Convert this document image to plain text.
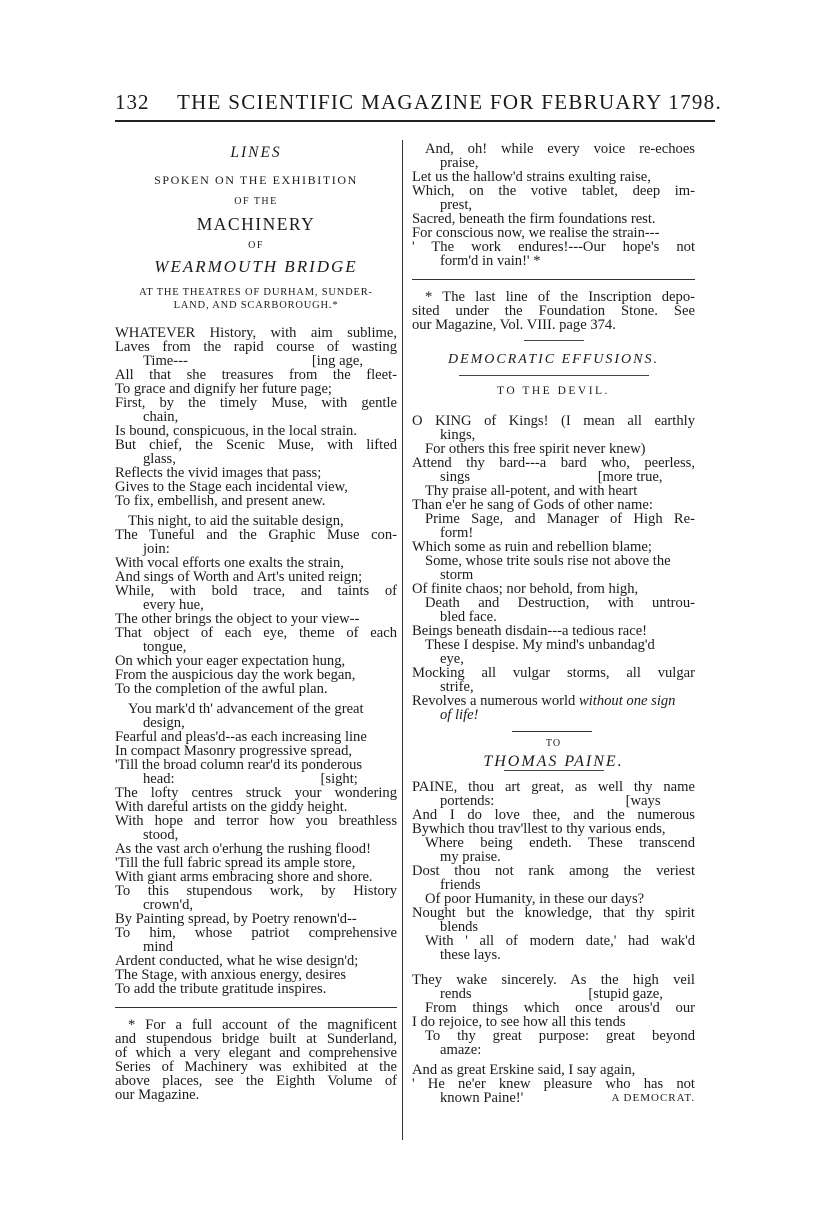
132 THE SCIENTIFIC MAGAZINE FOR FEBRUARY 1798.
LINES
SPOKEN ON THE EXHIBITION
OF THE
MACHINERY
OF
WEARMOUTH BRIDGE
AT THE THEATRES OF DURHAM, SUNDER-
LAND, AND SCARBOROUGH.*
WHATEVER History, with aim sublime,
Laves from the rapid course of wasting
Time---                                  [ing age,
All that she treasures from the fleet-
To grace and dignify her future page;
First, by the timely Muse, with gentle
chain,
Is bound, conspicuous, in the local strain.
But chief, the Scenic Muse, with lifted
glass,
Reflects the vivid images that pass;
Gives to the Stage each incidental view,
To fix, embellish, and present anew.
This night, to aid the suitable design,
The Tuneful and the Graphic Muse con-
join:
With vocal efforts one exalts the strain,
And sings of Worth and Art's united reign;
While, with bold trace, and taints of
every hue,
The other brings the object to your view--
That object of each eye, theme of each
tongue,
On which your eager expectation hung,
From the auspicious day the work began,
To the completion of the awful plan.
You mark'd th' advancement of the great
design,
Fearful and pleas'd--as each increasing line
In compact Masonry progressive spread,
'Till the broad column rear'd its ponderous
head:                                        [sight;
The lofty centres struck your wondering
With dareful artists on the giddy height.
With hope and terror how you breathless
stood,
As the vast arch o'erhung the rushing flood!
'Till the full fabric spread its ample store,
With giant arms embracing shore and shore.
To this stupendous work, by History
crown'd,
By Painting spread, by Poetry renown'd--
To him, whose patriot comprehensive
mind
Ardent conducted, what he wise design'd;
The Stage, with anxious energy, desires
To add the tribute gratitude inspires.
* For a full account of the magnificent
and stupendous bridge built at Sunderland,
of which a very elegant and comprehensive
Series of Machinery was exhibited at the
above places, see the Eighth Volume of
our Magazine.
And, oh! while every voice re-echoes
praise,
Let us the hallow'd strains exulting raise,
Which, on the votive tablet, deep im-
prest,
Sacred, beneath the firm foundations rest.
For conscious now, we realise the strain---
' The work endures!---Our hope's not
form'd in vain!' *
* The last line of the Inscription depo-
sited under the Foundation Stone. See
our Magazine, Vol. VIII. page 374.
DEMOCRATIC EFFUSIONS.
TO THE DEVIL.
O KING of Kings! (I mean all earthly
kings,
For others this free spirit never knew)
Attend thy bard---a bard who, peerless,
sings                                   [more true,
Thy praise all-potent, and with heart
Than e'er he sang of Gods of other name:
Prime Sage, and Manager of High Re-
form!
Which some as ruin and rebellion blame;
Some, whose trite souls rise not above the
storm
Of finite chaos; nor behold, from high,
Death and Destruction, with untrou-
bled face.
Beings beneath disdain---a tedious race!
These I despise. My mind's unbandag'd
eye,
Mocking all vulgar storms, all vulgar
strife,
Revolves a numerous world without one sign
of life!
TO
THOMAS PAINE.
PAINE, thou art great, as well thy name
portends:                                    [ways
And I do love thee, and the numerous
Bywhich thou trav'llest to thy various ends,
Where being endeth. These transcend
my praise.
Dost thou not rank among the veriest
friends
Of poor Humanity, in these our days?
Nought but the knowledge, that thy spirit
blends
With ' all of modern date,' had wak'd
these lays.
They wake sincerely. As the high veil
rends                                [stupid gaze,
From things which once arous'd our
I do rejoice, to see how all this tends
To thy great purpose: great beyond
amaze:
And as great Erskine said, I say again,
' He ne'er knew pleasure who has not
known Paine!'	A DEMOCRAT.
